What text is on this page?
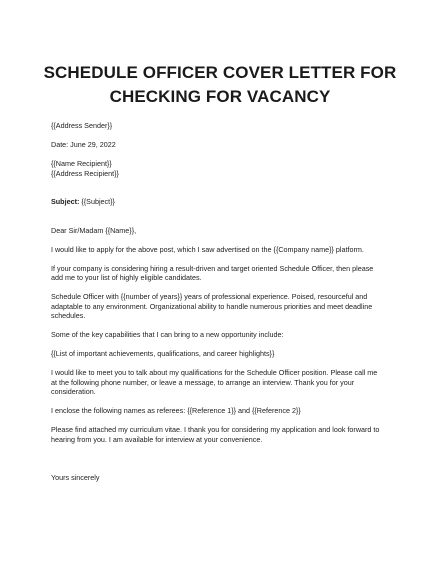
SCHEDULE OFFICER COVER LETTER FOR
CHECKING FOR VACANCY

{{Address Sender}}

Date: June 29, 2022

{{Name Recipient}}

{{Address Recipient}}

Subject: {{Subject}}

Dear Sir/Madam {{Name}},

I would like to apply for the above post, which I saw advertised on the {{Company name}} platform.

If your company is considering hiring a result-driven and target oriented Schedule Officer, then please

add me to your list of highly eligible candidates.

Schedule Officer with {{number of years}} years of professional experience. Poised, resourceful and

adaptable to any environment. Organizational ability to handle numerous priorities and meet deadline

schedules.

Some of the key capabilities that I can bring to a new opportunity include:

{{List of important achievements, qualifications, and career highlights}}

I would like to meet you to talk about my qualifications for the Schedule Officer position. Please call me

at the following phone number, or leave a message, to arrange an interview. Thank you for your

consideration.

I enclose the following names as referees: {{Reference 1}} and {{Reference 2}}

Please find attached my curriculum vitae. I thank you for considering my application and look forward to

hearing from you. I am available for interview at your convenience.

Yours sincerely
